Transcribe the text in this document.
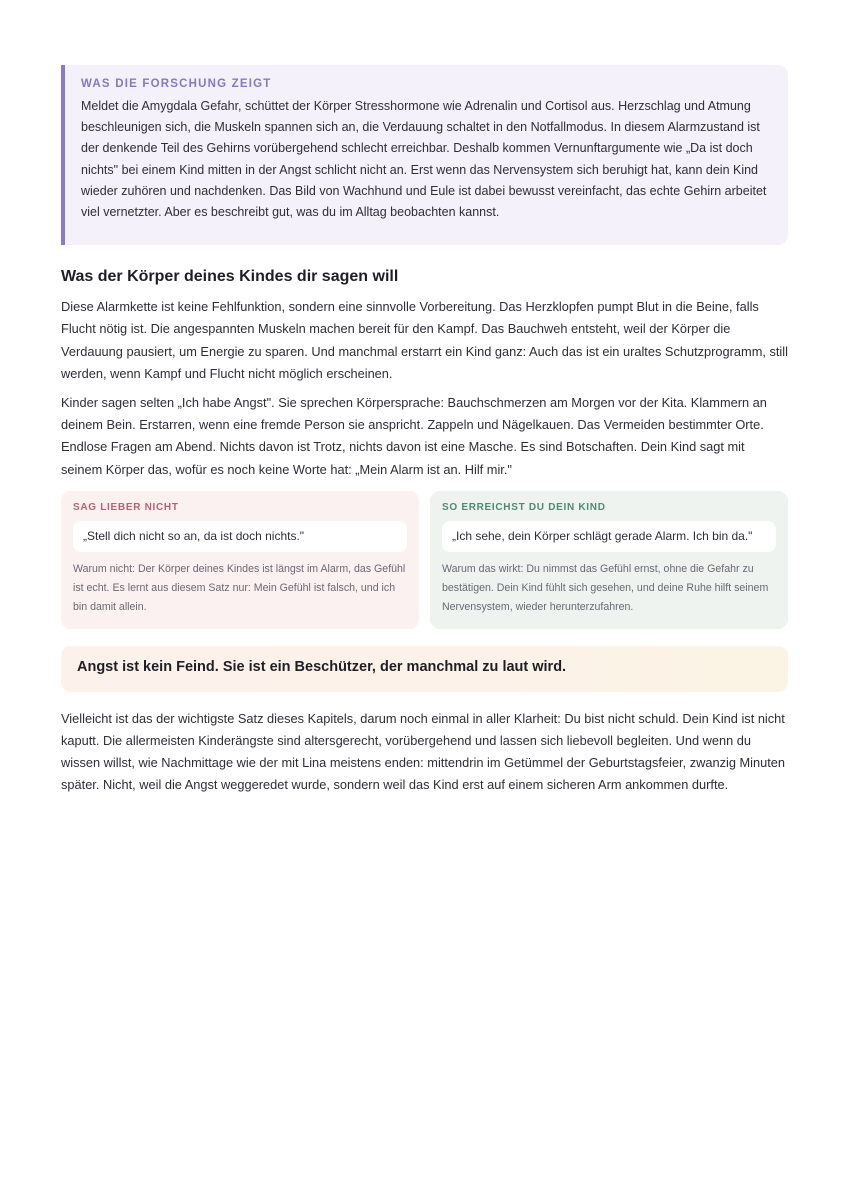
WAS DIE FORSCHUNG ZEIGT

Meldet die Amygdala Gefahr, schüttet der Körper Stresshormone wie Adrenalin und Cortisol aus. Herzschlag und Atmung beschleunigen sich, die Muskeln spannen sich an, die Verdauung schaltet in den Notfallmodus. In diesem Alarmzustand ist der denkende Teil des Gehirns vorübergehend schlecht erreichbar. Deshalb kommen Vernunftargumente wie „Da ist doch nichts" bei einem Kind mitten in der Angst schlicht nicht an. Erst wenn das Nervensystem sich beruhigt hat, kann dein Kind wieder zuhören und nachdenken. Das Bild von Wachhund und Eule ist dabei bewusst vereinfacht, das echte Gehirn arbeitet viel vernetzter. Aber es beschreibt gut, was du im Alltag beobachten kannst.

Was der Körper deines Kindes dir sagen will

Diese Alarmkette ist keine Fehlfunktion, sondern eine sinnvolle Vorbereitung. Das Herzklopfen pumpt Blut in die Beine, falls Flucht nötig ist. Die angespannten Muskeln machen bereit für den Kampf. Das Bauchweh entsteht, weil der Körper die Verdauung pausiert, um Energie zu sparen. Und manchmal erstarrt ein Kind ganz: Auch das ist ein uraltes Schutzprogramm, still werden, wenn Kampf und Flucht nicht möglich erscheinen.

Kinder sagen selten „Ich habe Angst". Sie sprechen Körpersprache: Bauchschmerzen am Morgen vor der Kita. Klammern an deinem Bein. Erstarren, wenn eine fremde Person sie anspricht. Zappeln und Nägelkauen. Das Vermeiden bestimmter Orte. Endlose Fragen am Abend. Nichts davon ist Trotz, nichts davon ist eine Masche. Es sind Botschaften. Dein Kind sagt mit seinem Körper das, wofür es noch keine Worte hat: „Mein Alarm ist an. Hilf mir."

SAG LIEBER NICHT

„Stell dich nicht so an, da ist doch nichts."

Warum nicht: Der Körper deines Kindes ist längst im Alarm, das Gefühl ist echt. Es lernt aus diesem Satz nur: Mein Gefühl ist falsch, und ich bin damit allein.

SO ERREICHST DU DEIN KIND

„Ich sehe, dein Körper schlägt gerade Alarm. Ich bin da."

Warum das wirkt: Du nimmst das Gefühl ernst, ohne die Gefahr zu bestätigen. Dein Kind fühlt sich gesehen, und deine Ruhe hilft seinem Nervensystem, wieder herunterzufahren.

Angst ist kein Feind. Sie ist ein Beschützer, der manchmal zu laut wird.

Vielleicht ist das der wichtigste Satz dieses Kapitels, darum noch einmal in aller Klarheit: Du bist nicht schuld. Dein Kind ist nicht kaputt. Die allermeisten Kinderängste sind altersgerecht, vorübergehend und lassen sich liebevoll begleiten. Und wenn du wissen willst, wie Nachmittage wie der mit Lina meistens enden: mittendrin im Getümmel der Geburtstagsfeier, zwanzig Minuten später. Nicht, weil die Angst weggeredet wurde, sondern weil das Kind erst auf einem sicheren Arm ankommen durfte.
